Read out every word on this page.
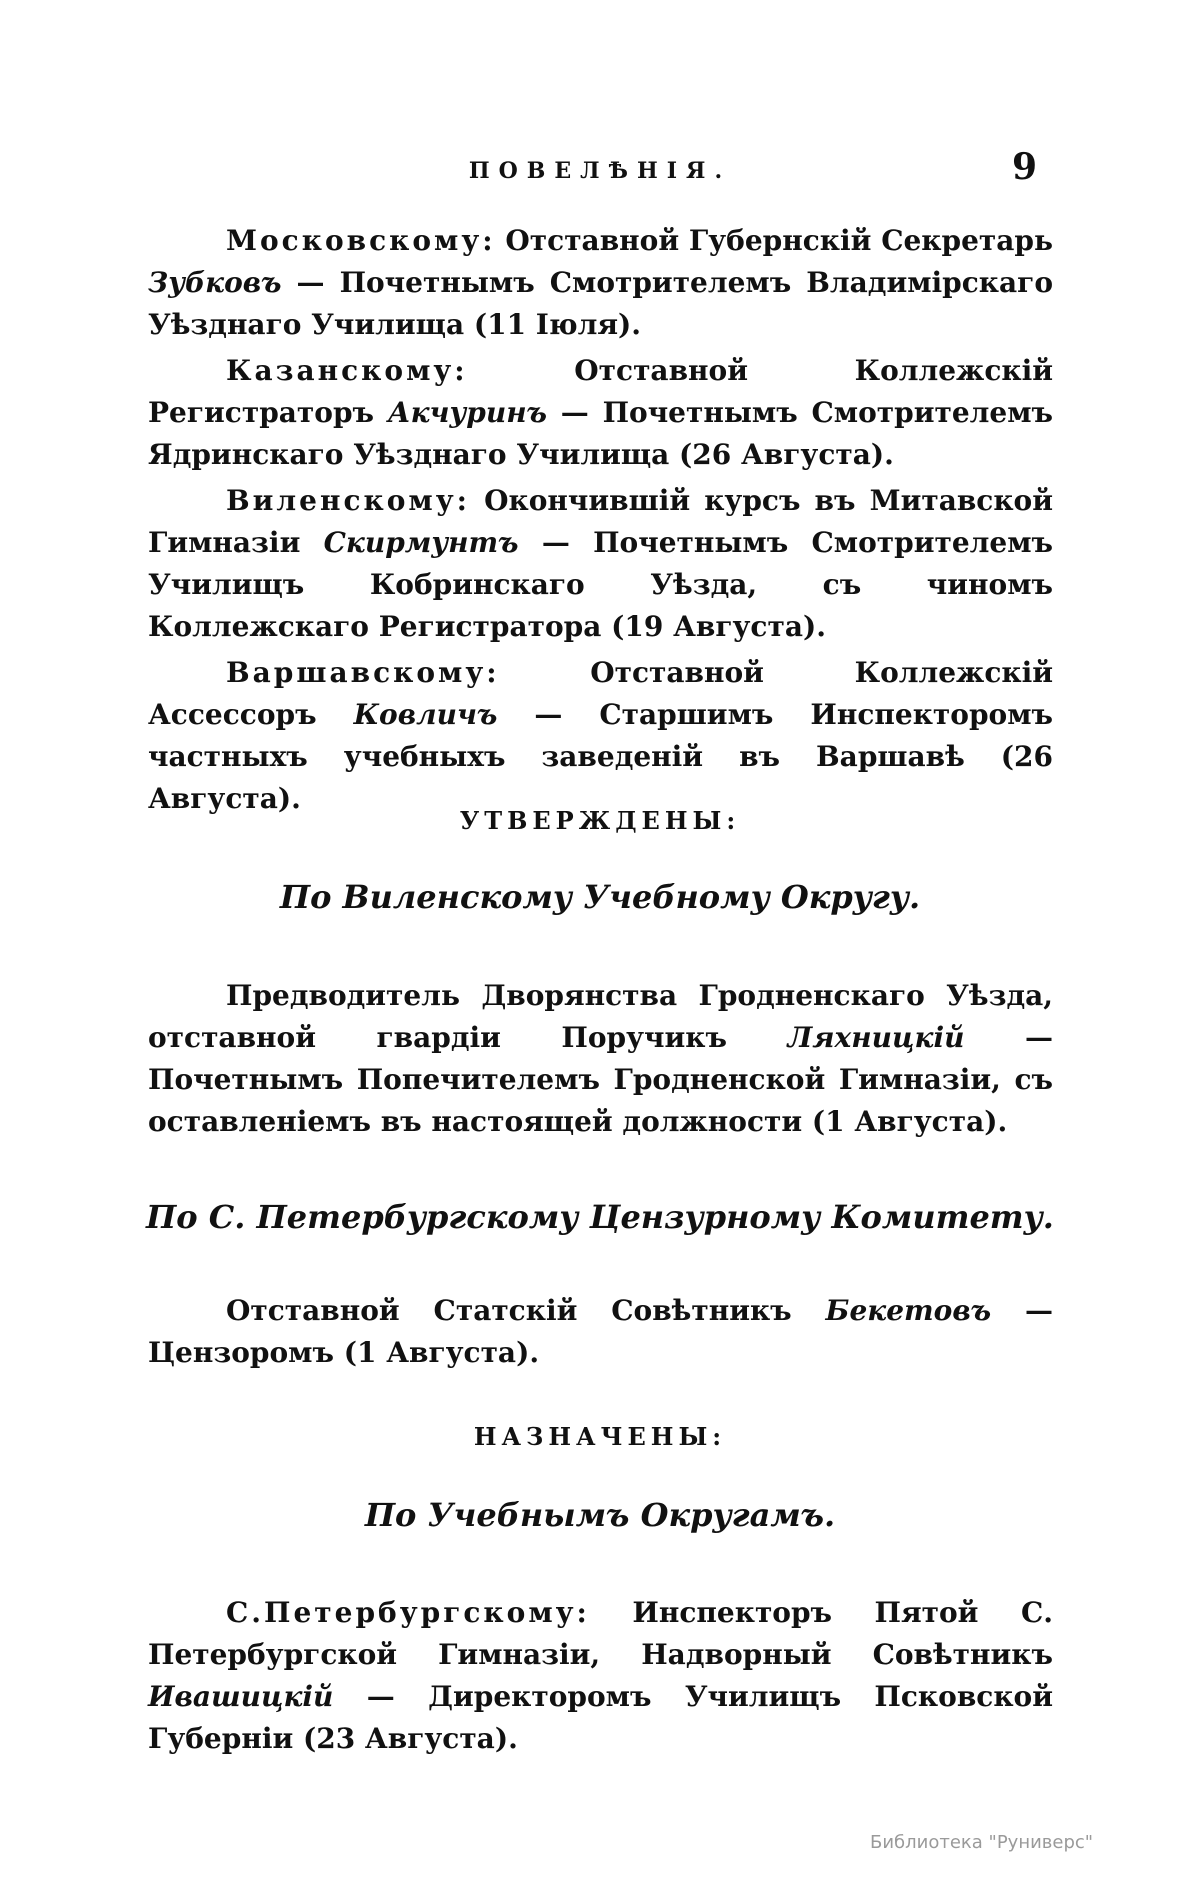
ПОВЕЛѢНІЯ.	9

Московскому: Отставной Губернскій Секретарь Зубковъ — Почетнымъ Смотрителемъ Владимірскаго Уѣзднаго Училища (11 Іюля).

Казанскому: Отставной Коллежскій Регистраторъ Акчуринъ — Почетнымъ Смотрителемъ Ядринскаго Уѣзднаго Училища (26 Августа).

Виленскому: Окончившій курсъ въ Митавской Гимназіи Скирмунтъ — Почетнымъ Смотрителемъ Училищъ Кобринскаго Уѣзда, съ чиномъ Коллежскаго Регистратора (19 Августа).

Варшавскому: Отставной Коллежскій Ассессоръ Ковличъ — Старшимъ Инспекторомъ частныхъ учебныхъ заведеній въ Варшавѣ (26 Августа).

УТВЕРЖДЕНЫ:
По Виленскому Учебному Округу.

Предводитель Дворянства Гродненскаго Уѣзда, отставной гвардіи Поручикъ Ляхницкій — Почетнымъ Попечителемъ Гродненской Гимназіи, съ оставленіемъ въ настоящей должности (1 Августа).

По С. Петербургскому Цензурному Комитету.

Отставной Статскій Совѣтникъ Бекетовъ — Цензоромъ (1 Августа).

НАЗНАЧЕНЫ:
По Учебнымъ Округамъ.

С.Петербургскому: Инспекторъ Пятой С. Петербургской Гимназіи, Надворный Совѣтникъ Ивашицкій — Директоромъ Училищъ Псковской Губерніи (23 Августа).

Библиотека "Руниверс"
